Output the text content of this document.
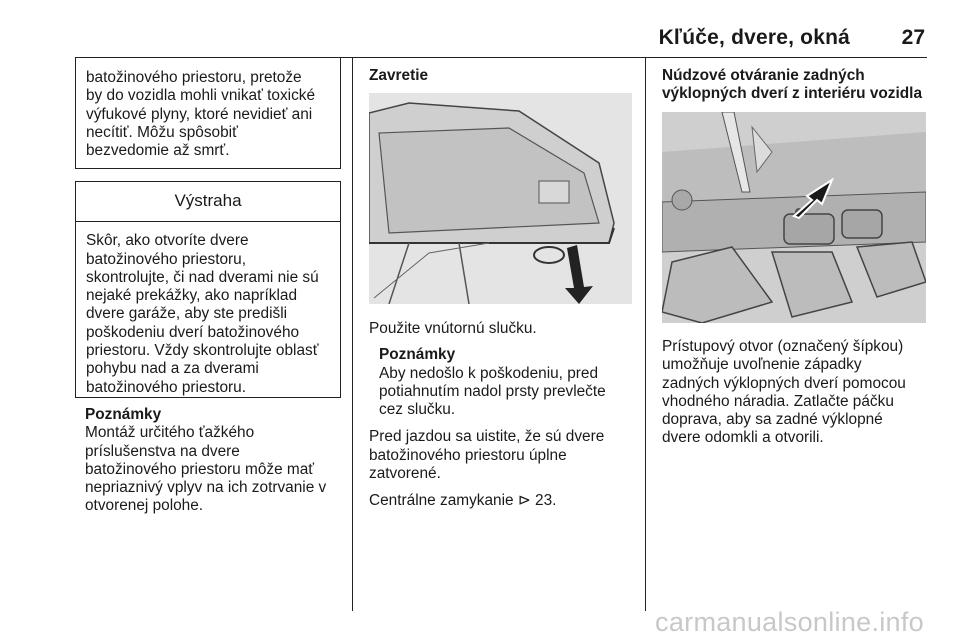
Kľúče, dvere, okná 27

batožinového priestoru, pretože

by do vozidla mohli vnikať toxické

výfukové plyny, ktoré nevidieť ani

necítiť. Môžu spôsobiť

bezvedomie až smrť.

Výstraha

Skôr, ako otvoríte dvere

batožinového priestoru,

skontrolujte, či nad dverami nie sú

nejaké prekážky, ako napríklad

dvere garáže, aby ste predišli

poškodeniu dverí batožinového

priestoru. Vždy skontrolujte oblasť

pohybu nad a za dverami

batožinového priestoru.

Poznámky

Montáž určitého ťažkého

príslušenstva na dvere

batožinového priestoru môže mať

nepriaznivý vplyv na ich zotrvanie v

otvorenej polohe.

Zavretie

Použite vnútornú slučku.

Poznámky

Aby nedošlo k poškodeniu, pred

potiahnutím nadol prsty prevlečte

cez slučku.

Pred jazdou sa uistite, že sú dvere

batožinového priestoru úplne

zatvorené.

Centrálne zamykanie ⊳ 23.

Núdzové otváranie zadných

výklopných dverí z interiéru vozidla

Prístupový otvor (označený šípkou)

umožňuje uvoľnenie západky

zadných výklopných dverí pomocou

vhodného náradia. Zatlačte páčku

doprava, aby sa zadné výklopné

dvere odomkli a otvorili.

carmanualsonline.info
